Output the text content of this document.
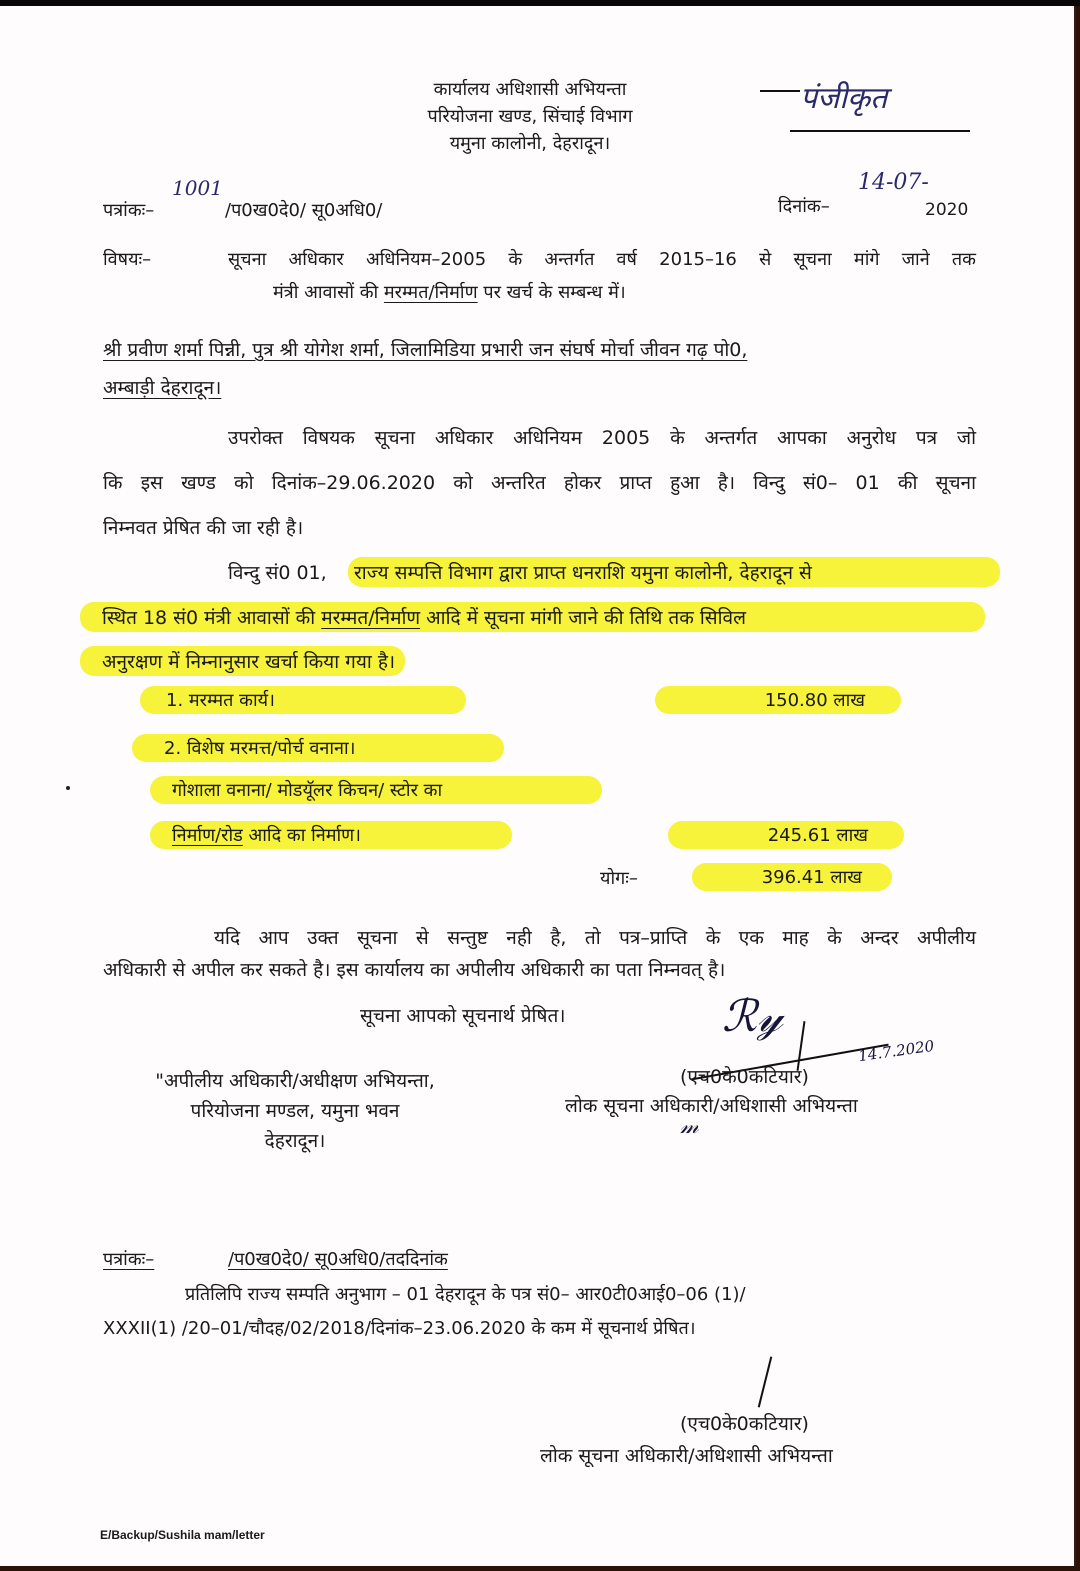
कार्यालय अधिशासी अभियन्ता
परियोजना खण्ड, सिंचाई विभाग
यमुना कालोनी, देहरादून।
पंजीकृत
पत्रांकः–
1001
/प0ख0दे0/ सू0अधि0/	दिनांक–
14-07-
2020
विषयः–	सूचना अधिकार अधिनियम–2005 के अन्तर्गत वर्ष 2015–16 से सूचना मांगे जाने तक
मंत्री आवासों की मरम्मत/निर्माण पर खर्च के सम्बन्ध में।
श्री प्रवीण शर्मा पिन्नी, पुत्र श्री योगेश शर्मा, जिलामिडिया प्रभारी जन संघर्ष मोर्चा जीवन गढ़ पो0,
अम्बाड़ी देहरादून।
उपरोक्त विषयक सूचना अधिकार अधिनियम 2005 के अन्तर्गत आपका अनुरोध पत्र जो
कि इस खण्ड को दिनांक–29.06.2020 को अन्तरित होकर प्राप्त हुआ है। विन्दु सं0– 01 की सूचना
निम्नवत प्रेषित की जा रही है।
विन्दु सं0 01,	राज्य सम्पत्ति विभाग द्वारा प्राप्त धनराशि यमुना कालोनी, देहरादून से
स्थित 18 सं0 मंत्री आवासों की मरम्मत/निर्माण आदि में सूचना मांगी जाने की तिथि तक सिविल
अनुरक्षण में निम्नानुसार खर्चा किया गया है।
1. मरम्मत कार्य।	150.80 लाख
2. विशेष मरमत्त/पोर्च वनाना।
गोशाला वनाना/ मोडयूॅलर किचन/ स्टोर का
निर्माण/रोड आदि का निर्माण।	245.61 लाख
योगः–	396.41 लाख
यदि आप उक्त सूचना से सन्तुष्ट नही है, तो पत्र–प्राप्ति के एक माह के अन्दर अपीलीय
अधिकारी से अपील कर सकते है। इस कार्यालय का अपीलीय अधिकारी का पता निम्नवत् है।
सूचना आपको सूचनार्थ प्रेषित।	ℛ𝓎
14.7.2020
"अपीलीय अधिकारी/अधीक्षण अभियन्ता,
परियोजना मण्डल, यमुना भवन
देहरादून।
(एच0के0कटियार)
लोक सूचना अधिकारी/अधिशासी अभियन्ता
𝓂
पत्रांकः–	/प0ख0दे0/ सू0अधि0/तददिनांक
प्रतिलिपि राज्य सम्पति अनुभाग – 01 देहरादून के पत्र सं0– आर0टी0आई0–06 (1)/
XXXII(1) /20–01/चौदह/02/2018/दिनांक–23.06.2020 के कम में सूचनार्थ प्रेषित।
(एच0के0कटियार)
लोक सूचना अधिकारी/अधिशासी अभियन्ता
E/Backup/Sushila mam/letter
